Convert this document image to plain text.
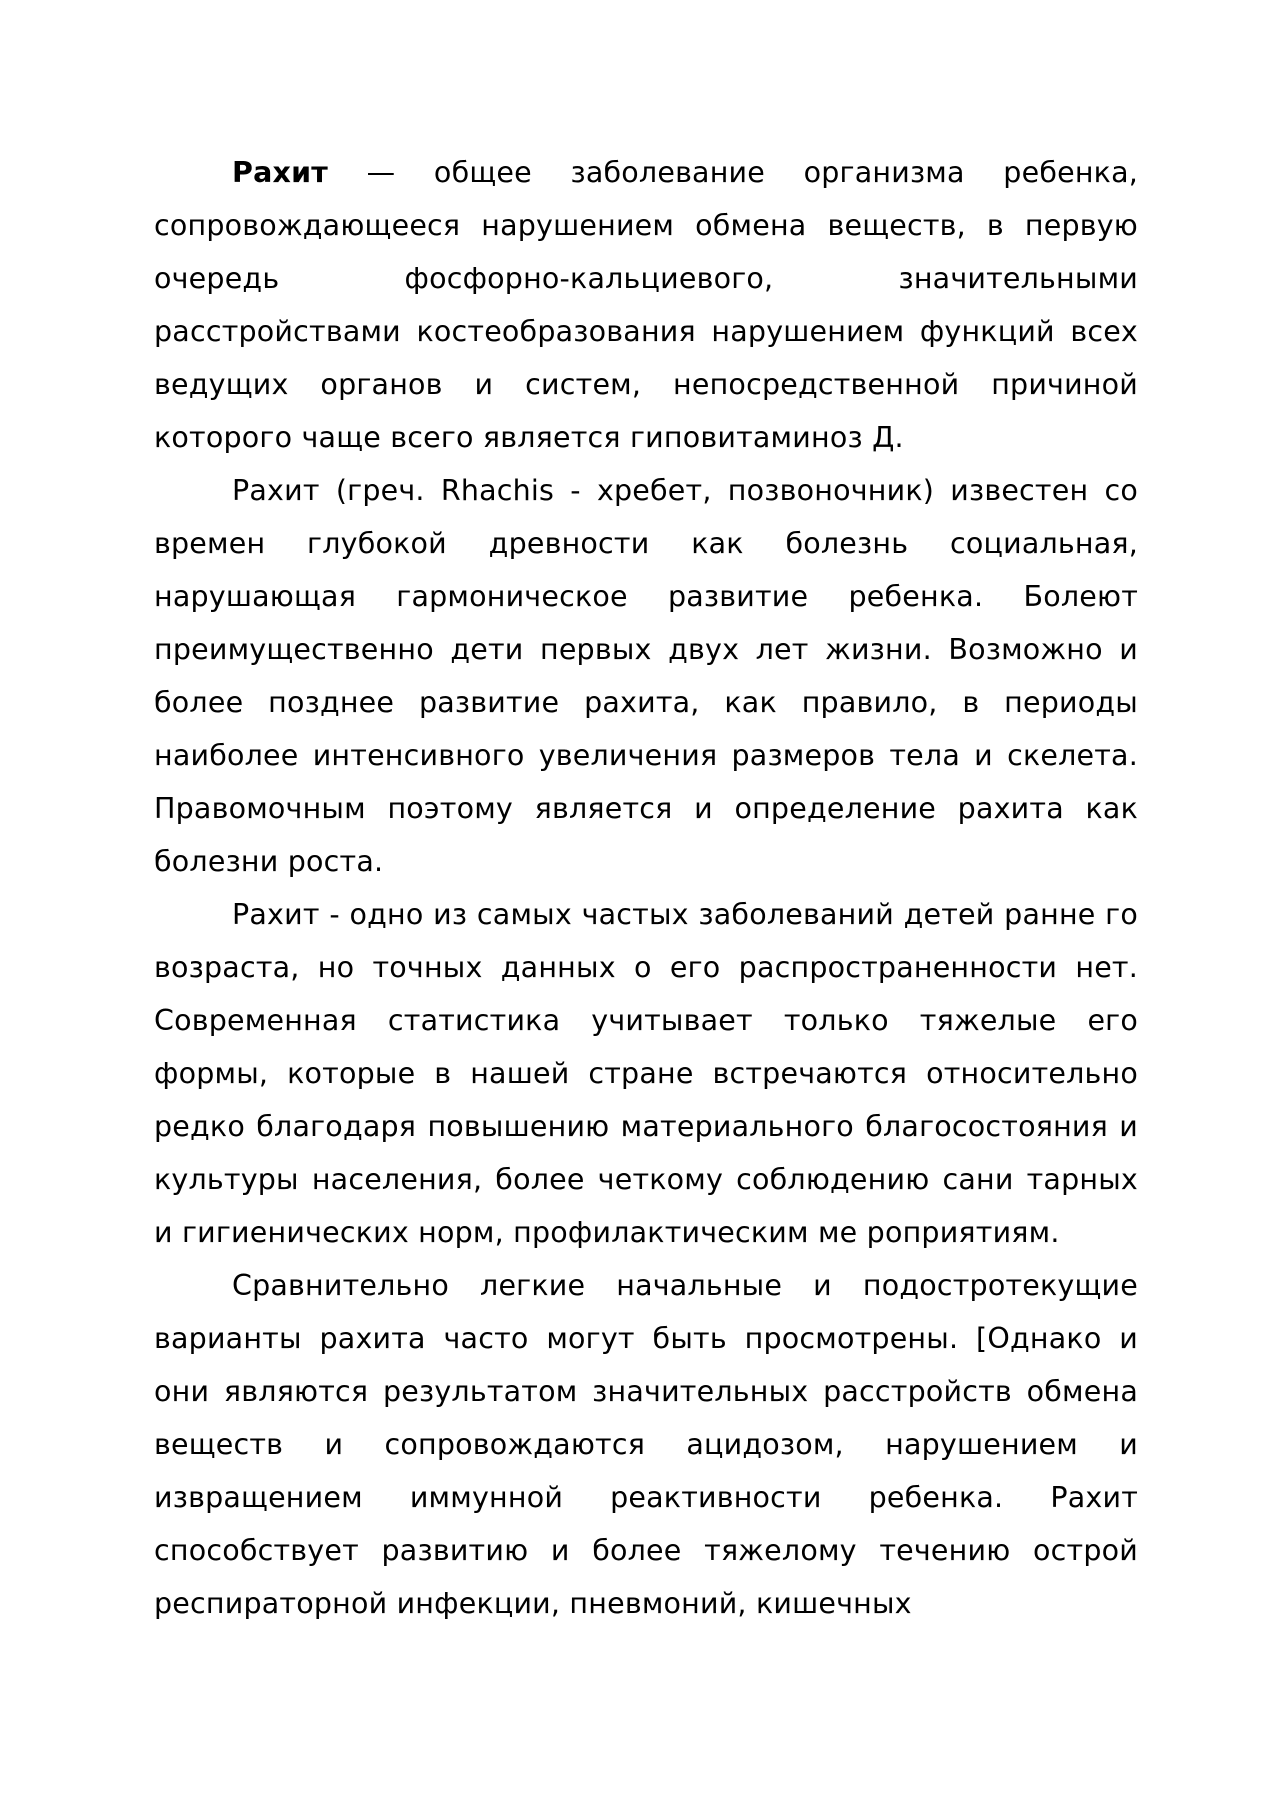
Рахит — общее заболевание организма ребенка, сопровождающееся нарушением обмена веществ, в первую очередь фосфорно-кальциевого, значительными расстройствами костеобразования нарушением функций всех ведущих органов и систем, непосредственной причиной которого чаще всего является гиповитаминоз Д.

Рахит (греч. Rhachis - хребет, позвоночник) известен со времен глубокой древности как болезнь социальная, нарушающая гармоническое развитие ребенка. Болеют преимущественно дети первых двух лет жизни. Возможно и более позднее развитие рахита, как правило, в периоды наиболее интенсивного увеличения размеров тела и скелета. Правомочным поэтому является и определение рахита как болезни роста.

Рахит - одно из самых частых заболеваний детей ранне го возраста, но точных данных о его распространенности нет. Современная статистика учитывает только тяжелые его формы, которые в нашей стране встречаются относительно редко благодаря повышению материального благосостояния и культуры населения, более четкому соблюдению сани тарных и гигиенических норм, профилактическим ме роприятиям.

Сравнительно легкие начальные и подостротекущие варианты рахита часто могут быть просмотрены. [Однако и они являются результатом значительных расстройств обмена веществ и сопровождаются ацидозом, нарушением и извращением иммунной реактивности ребенка. Рахит способствует развитию и более тяжелому течению острой респираторной инфекции, пневмоний, кишечных
